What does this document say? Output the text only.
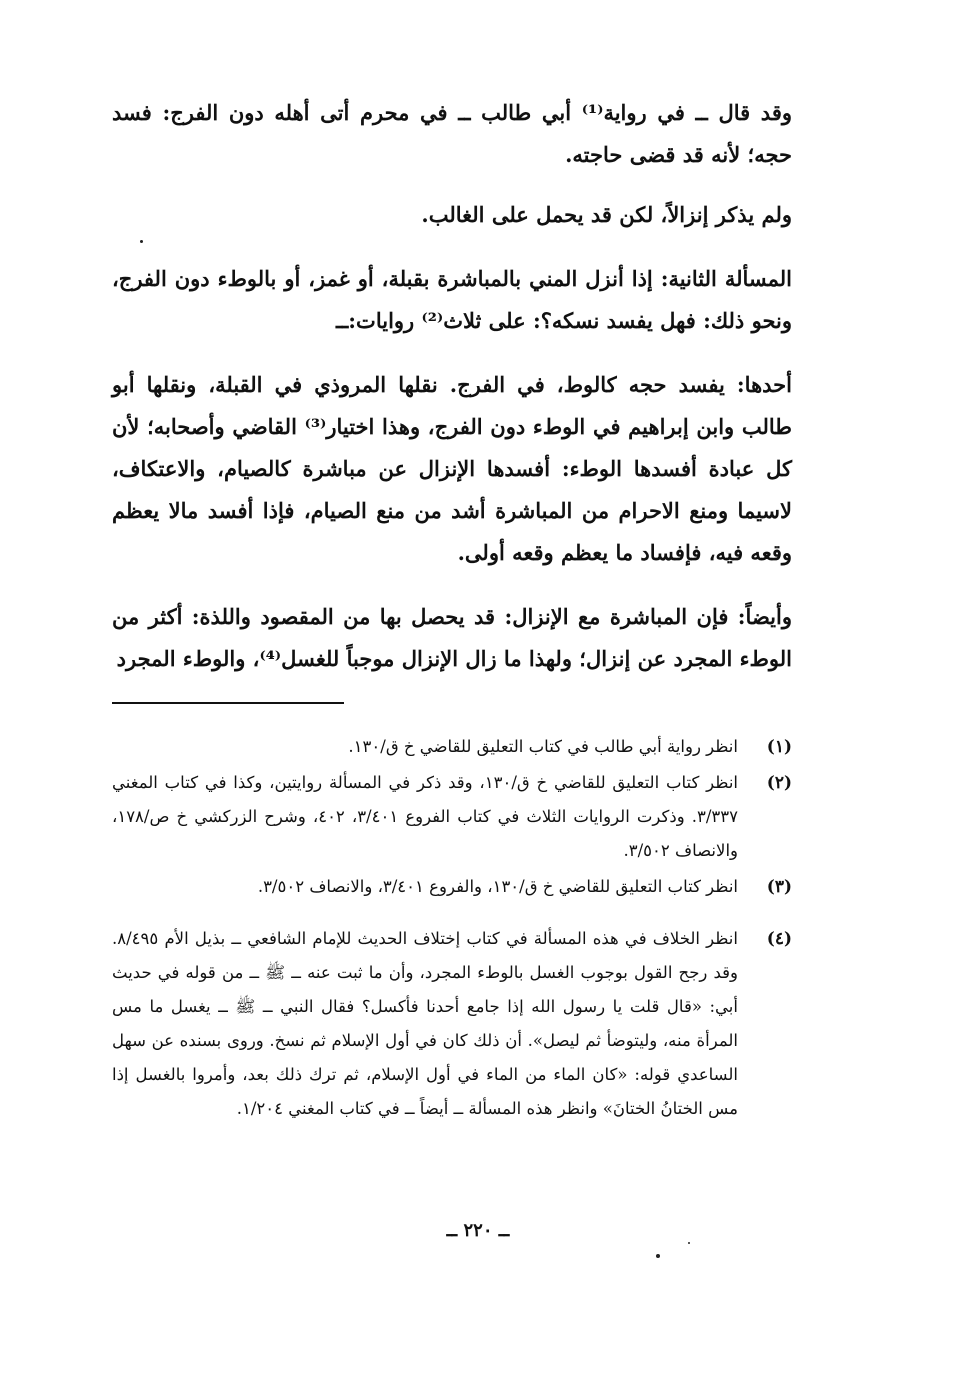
وقد قال ــ في رواية⁽¹⁾ أبي طالب ــ في محرم أتى أهله دون الفرج: فسد حجه؛ لأنه قد قضى حاجته.

ولم يذكر إنزالاً، لكن قد يحمل على الغالب.

المسألة الثانية: إذا أنزل المني بالمباشرة بقبلة، أو غمز، أو بالوطء دون الفرج، ونحو ذلك: فهل يفسد نسكه؟: على ثلاث⁽²⁾ روايات:ــ

أحدها: يفسد حجه كالوط، في الفرج. نقلها المروذي في القبلة، ونقلها أبو طالب وابن إبراهيم في الوطء دون الفرج، وهذا اختيار⁽³⁾ القاضي وأصحابه؛ لأن كل عبادة أفسدها الوطء: أفسدها الإنزال عن مباشرة كالصيام، والاعتكاف، لاسيما ومنع الاحرام من المباشرة أشد من منع الصيام، فإذا أفسد مالا يعظم وقعه فيه، فإفساد ما يعظم وقعه أولى.

وأيضاً: فإن المباشرة مع الإنزال: قد يحصل بها من المقصود واللذة: أكثر من الوطء المجرد عن إنزال؛ ولهذا ما زال الإنزال موجباً للغسل⁽⁴⁾، والوطء المجرد

(١)
انظر رواية أبي طالب في كتاب التعليق للقاضي خ ق/١٣٠.
(٢)
انظر كتاب التعليق للقاضي خ ق/١٣٠، وقد ذكر في المسألة روايتين، وكذا في كتاب المغني ٣/٣٣٧. وذكرت الروايات الثلاث في كتاب الفروع ٣/٤٠١، ٤٠٢، وشرح الزركشي خ ص/١٧٨، والانصاف ٣/٥٠٢.
(٣)
انظر كتاب التعليق للقاضي خ ق/١٣٠، والفروع ٣/٤٠١، والانصاف ٣/٥٠٢.
(٤)
انظر الخلاف في هذه المسألة في كتاب إختلاف الحديث للإمام الشافعي ــ بذيل الأم ٨/٤٩٥. وقد رجح القول بوجوب الغسل بالوطء المجرد، وأن ما ثبت عنه ــ ﷺ ــ من قوله في حديث أبي: «قال قلت يا رسول الله إذا جامع أحدنا فأكسل؟ فقال النبي ــ ﷺ ــ يغسل ما مس المرأة منه، وليتوضأ ثم ليصل». أن ذلك كان في أول الإسلام ثم نسخ. وروى بسنده عن سهل الساعدي قوله: «كان الماء من الماء في أول الإسلام، ثم ترك ذلك بعد، وأمروا بالغسل إذا مس الختانُ الختانَ» وانظر هذه المسألة ــ أيضاً ــ في كتاب المغني ١/٢٠٤.
ــ ٢٢٠ ــ
